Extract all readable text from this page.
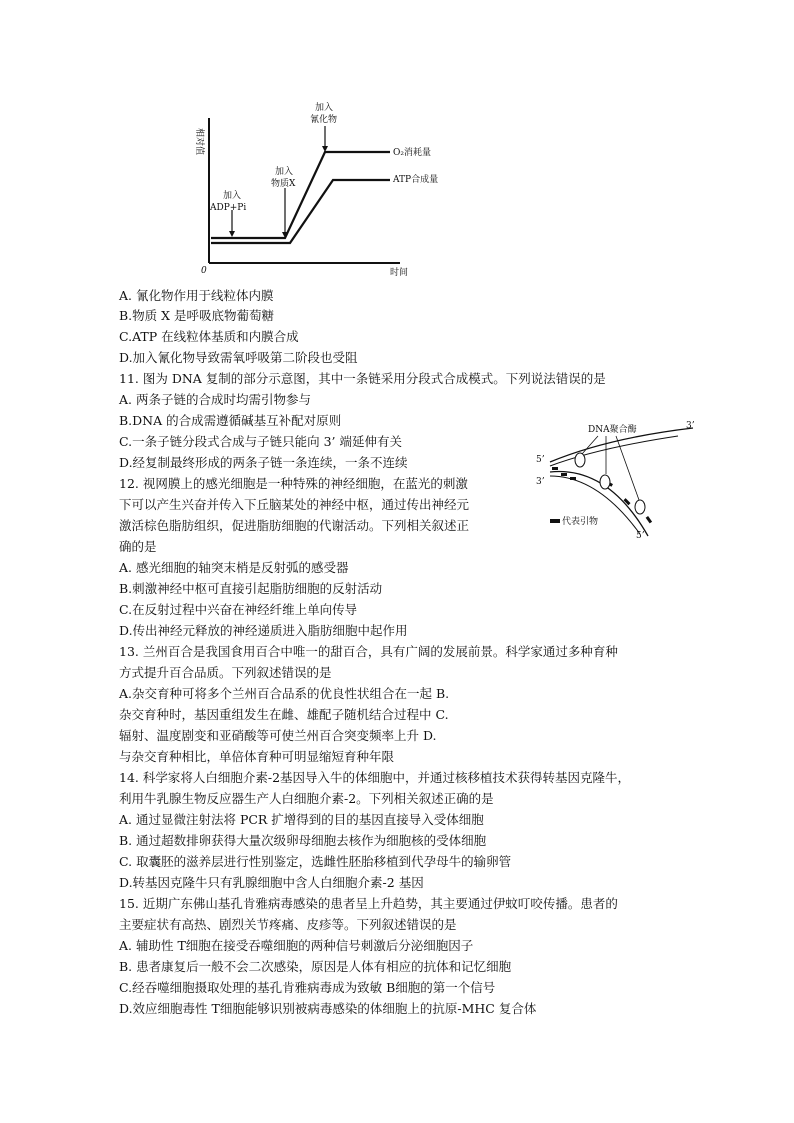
相对值
0	时间
加入
氰化物
加入
物质X
加入
ADP+Pi
O₂消耗量
ATP合成量
A. 氰化物作用于线粒体内膜
B.物质 X 是呼吸底物葡萄糖
C.ATP 在线粒体基质和内膜合成
D.加入氰化物导致需氧呼吸第二阶段也受阻
11. 图为 DNA 复制的部分示意图，其中一条链采用分段式合成模式。下列说法错误的是
A. 两条子链的合成时均需引物参与
B.DNA 的合成需遵循碱基互补配对原则
C.一条子链分段式合成与子链只能向 3’ 端延伸有关
D.经复制最终形成的两条子链一条连续，一条不连续
DNA聚合酶	3’
5’
3’
5’
代表引物
12. 视网膜上的感光细胞是一种特殊的神经细胞，在蓝光的刺激
下可以产生兴奋并传入下丘脑某处的神经中枢，通过传出神经元
激活棕色脂肪组织，促进脂肪细胞的代谢活动。下列相关叙述正
确的是
A. 感光细胞的轴突末梢是反射弧的感受器
B.刺激神经中枢可直接引起脂肪细胞的反射活动
C.在反射过程中兴奋在神经纤维上单向传导
D.传出神经元释放的神经递质进入脂肪细胞中起作用
13. 兰州百合是我国食用百合中唯一的甜百合，具有广阔的发展前景。科学家通过多种育种
方式提升百合品质。下列叙述错误的是
A.杂交育种可将多个兰州百合品系的优良性状组合在一起 B.
杂交育种时，基因重组发生在雌、雄配子随机结合过程中 C.
辐射、温度剧变和亚硝酸等可使兰州百合突变频率上升 D.
与杂交育种相比，单倍体育种可明显缩短育种年限
14. 科学家将人白细胞介素-2基因导入牛的体细胞中，并通过核移植技术获得转基因克隆牛，
利用牛乳腺生物反应器生产人白细胞介素-2。下列相关叙述正确的是
A. 通过显微注射法将 PCR 扩增得到的目的基因直接导入受体细胞
B. 通过超数排卵获得大量次级卵母细胞去核作为细胞核的受体细胞
C. 取囊胚的滋养层进行性别鉴定，选雌性胚胎移植到代孕母牛的输卵管
D.转基因克隆牛只有乳腺细胞中含人白细胞介素-2 基因
15. 近期广东佛山基孔肯雅病毒感染的患者呈上升趋势，其主要通过伊蚊叮咬传播。患者的
主要症状有高热、剧烈关节疼痛、皮疹等。下列叙述错误的是
A. 辅助性 T细胞在接受吞噬细胞的两种信号刺激后分泌细胞因子
B. 患者康复后一般不会二次感染，原因是人体有相应的抗体和记忆细胞
C.经吞噬细胞摄取处理的基孔肯雅病毒成为致敏 B细胞的第一个信号
D.效应细胞毒性 T细胞能够识别被病毒感染的体细胞上的抗原-MHC 复合体
